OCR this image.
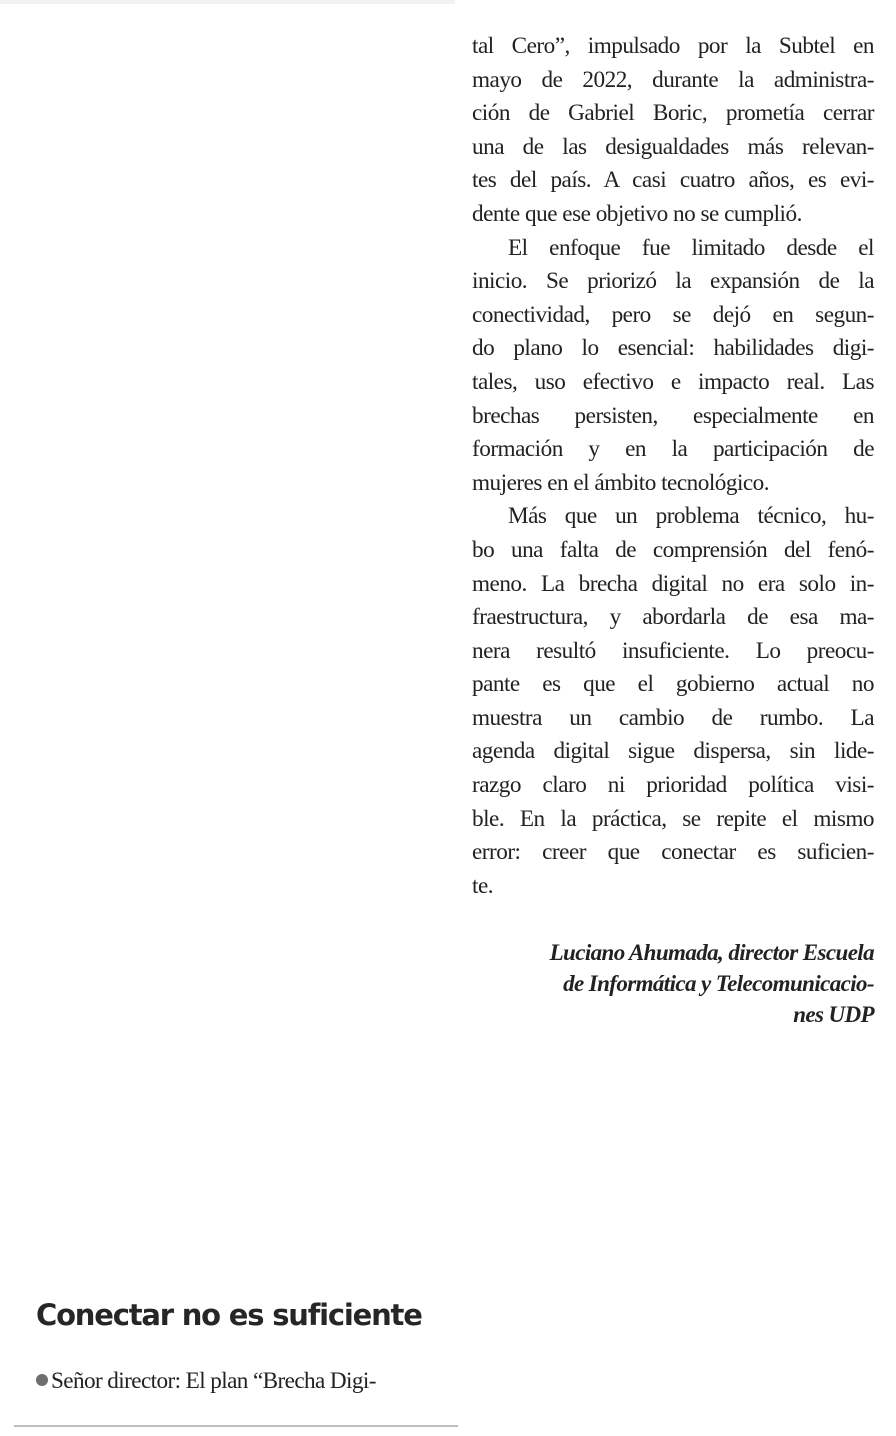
tal Cero”, impulsado por la Subtel en
mayo de 2022, durante la administra-
ción de Gabriel Boric, prometía cerrar
una de las desigualdades más relevan-
tes del país. A casi cuatro años, es evi-
dente que ese objetivo no se cumplió.
El enfoque fue limitado desde el
inicio. Se priorizó la expansión de la
conectividad, pero se dejó en segun-
do plano lo esencial: habilidades digi-
tales, uso efectivo e impacto real. Las
brechas persisten, especialmente en
formación y en la participación de
mujeres en el ámbito tecnológico.
Más que un problema técnico, hu-
bo una falta de comprensión del fenó-
meno. La brecha digital no era solo in-
fraestructura, y abordarla de esa ma-
nera resultó insuficiente. Lo preocu-
pante es que el gobierno actual no
muestra un cambio de rumbo. La
agenda digital sigue dispersa, sin lide-
razgo claro ni prioridad política visi-
ble. En la práctica, se repite el mismo
error: creer que conectar es suficien-
te.
Luciano Ahumada, director Escuela
de Informática y Telecomunicacio-
nes UDP
Conectar no es suficiente
Señor director: El plan “Brecha Digi-
